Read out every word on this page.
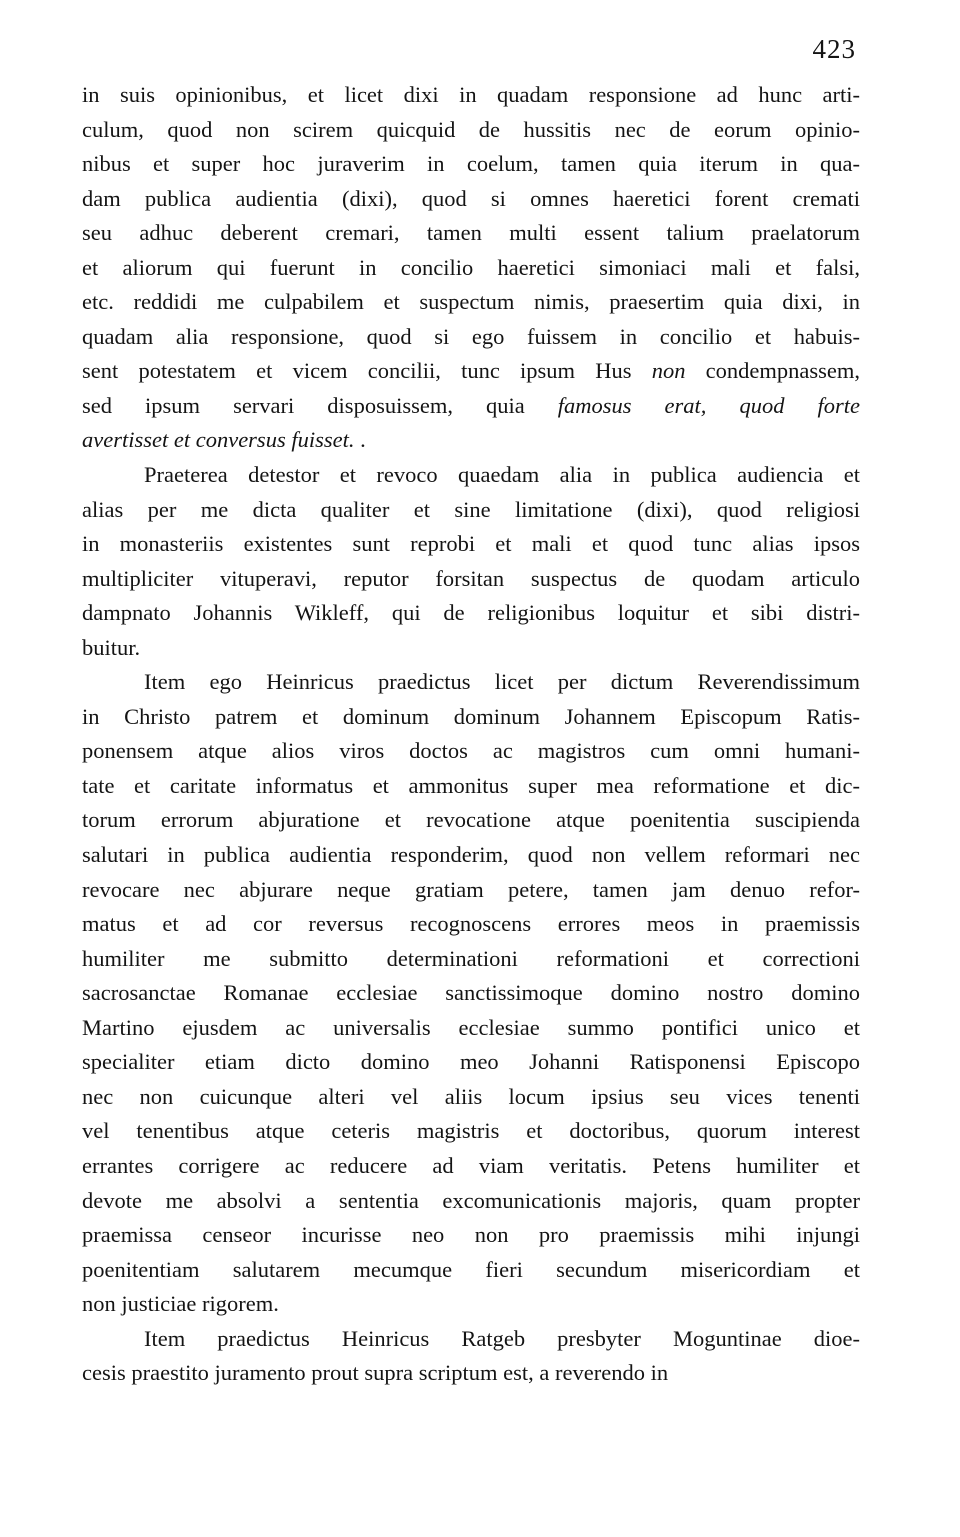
423
in suis opinionibus, et licet dixi in quadam responsione ad hunc arti-
culum, quod non scirem quicquid de hussitis nec de eorum opinio-
nibus et super hoc juraverim in coelum, tamen quia iterum in qua-
dam publica audientia (dixi), quod si omnes haeretici forent cremati
seu adhuc deberent cremari, tamen multi essent talium praelatorum
et aliorum qui fuerunt in concilio haeretici simoniaci mali et falsi,
etc. reddidi me culpabilem et suspectum nimis, praesertim quia dixi, in
quadam alia responsione, quod si ego fuissem in concilio et habuis-
sent potestatem et vicem concilii, tunc ipsum Hus non condempnassem,
sed ipsum servari disposuissem, quia famosus erat, quod forte
avertisset et conversus fuisset. .
Praeterea detestor et revoco quaedam alia in publica audiencia et
alias per me dicta qualiter et sine limitatione (dixi), quod religiosi
in monasteriis existentes sunt reprobi et mali et quod tunc alias ipsos
multipliciter vituperavi, reputor forsitan suspectus de quodam articulo
dampnato Johannis Wikleff, qui de religionibus loquitur et sibi distri-
buitur.
Item ego Heinricus praedictus licet per dictum Reverendissimum
in Christo patrem et dominum dominum Johannem Episcopum Ratis-
ponensem atque alios viros doctos ac magistros cum omni humani-
tate et caritate informatus et ammonitus super mea reformatione et dic-
torum errorum abjuratione et revocatione atque poenitentia suscipienda
salutari in publica audientia responderim, quod non vellem reformari nec
revocare nec abjurare neque gratiam petere, tamen jam denuo refor-
matus et ad cor reversus recognoscens errores meos in praemissis
humiliter me submitto determinationi reformationi et correctioni
sacrosanctae Romanae ecclesiae sanctissimoque domino nostro domino
Martino ejusdem ac universalis ecclesiae summo pontifici unico et
specialiter etiam dicto domino meo Johanni Ratisponensi Episcopo
nec non cuicunque alteri vel aliis locum ipsius seu vices tenenti
vel tenentibus atque ceteris magistris et doctoribus, quorum interest
errantes corrigere ac reducere ad viam veritatis. Petens humiliter et
devote me absolvi a sententia excomunicationis majoris, quam propter
praemissa censeor incurisse neo non pro praemissis mihi injungi
poenitentiam salutarem mecumque fieri secundum misericordiam et
non justiciae rigorem.
Item praedictus Heinricus Ratgeb presbyter Moguntinae dioe-
cesis praestito juramento prout supra scriptum est, a reverendo in
